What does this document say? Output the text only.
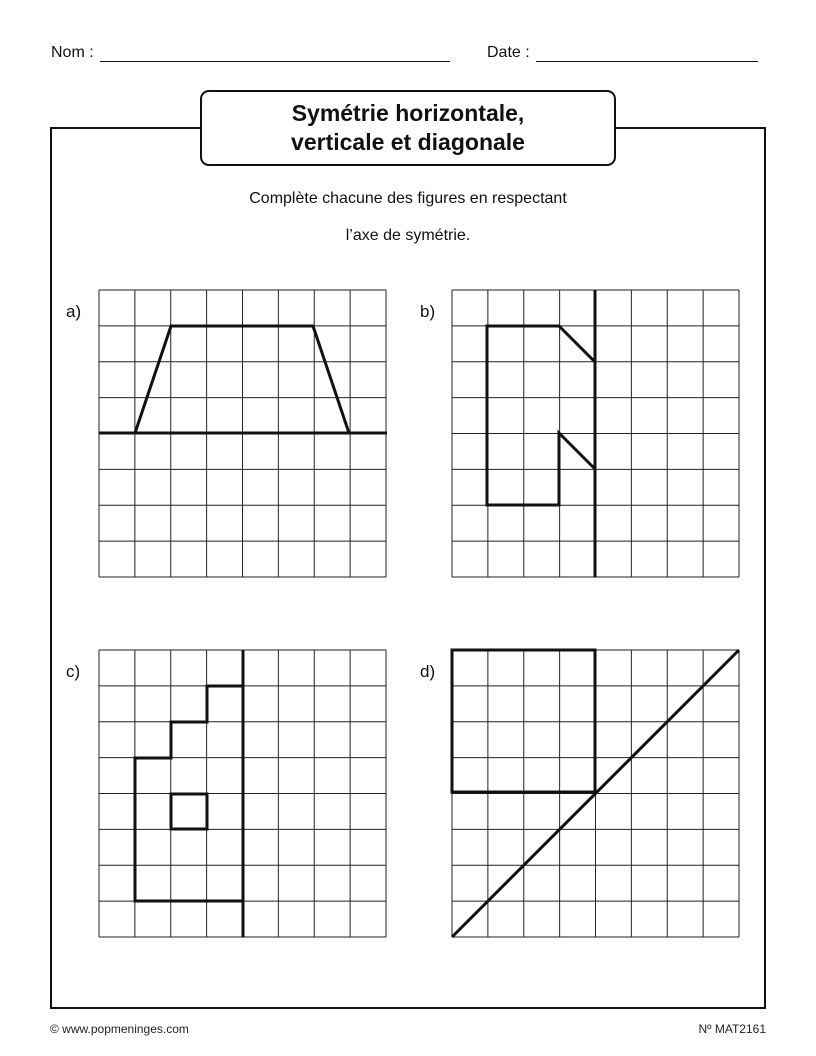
Nom :	Date :
Symétrie horizontale,
verticale et diagonale
Complète chacune des figures en respectant
l’axe de symétrie.
a)	b)
c)	d)
© www.popmeninges.com	Nº MAT2161
